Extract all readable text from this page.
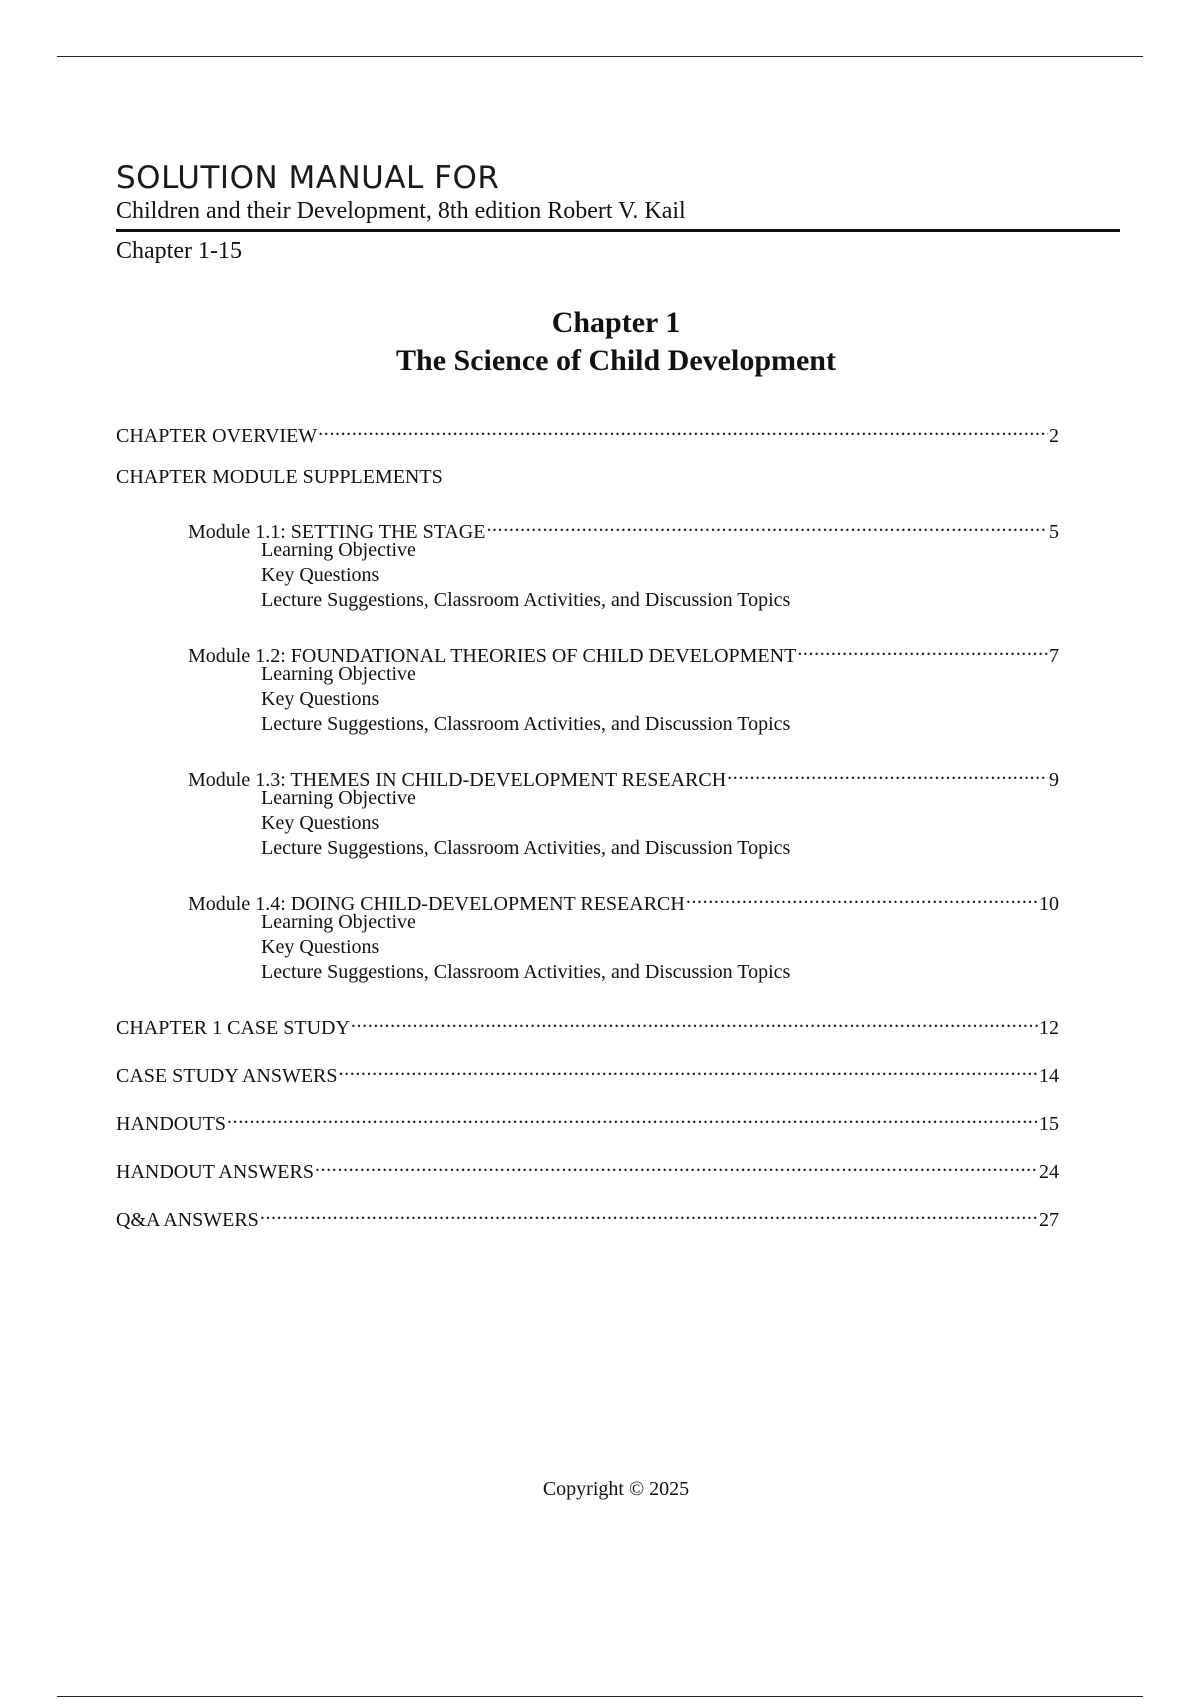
SOLUTION MANUAL FOR
Children and their Development, 8th edition Robert V. Kail
Chapter 1-15
Chapter 1
The Science of Child Development
CHAPTER OVERVIEW .....	2
CHAPTER MODULE SUPPLEMENTS
Module 1.1: SETTING THE STAGE .....	5
Learning Objective
Key Questions
Lecture Suggestions, Classroom Activities, and Discussion Topics
Module 1.2: FOUNDATIONAL THEORIES OF CHILD DEVELOPMENT .....	7
Learning Objective
Key Questions
Lecture Suggestions, Classroom Activities, and Discussion Topics
Module 1.3: THEMES IN CHILD-DEVELOPMENT RESEARCH .....	9
Learning Objective
Key Questions
Lecture Suggestions, Classroom Activities, and Discussion Topics
Module 1.4: DOING CHILD-DEVELOPMENT RESEARCH .....	10
Learning Objective
Key Questions
Lecture Suggestions, Classroom Activities, and Discussion Topics
CHAPTER 1 CASE STUDY .....	12
CASE STUDY ANSWERS .....	14
HANDOUTS .....	15
HANDOUT ANSWERS .....	24
Q&A ANSWERS .....	27
Copyright © 2025
